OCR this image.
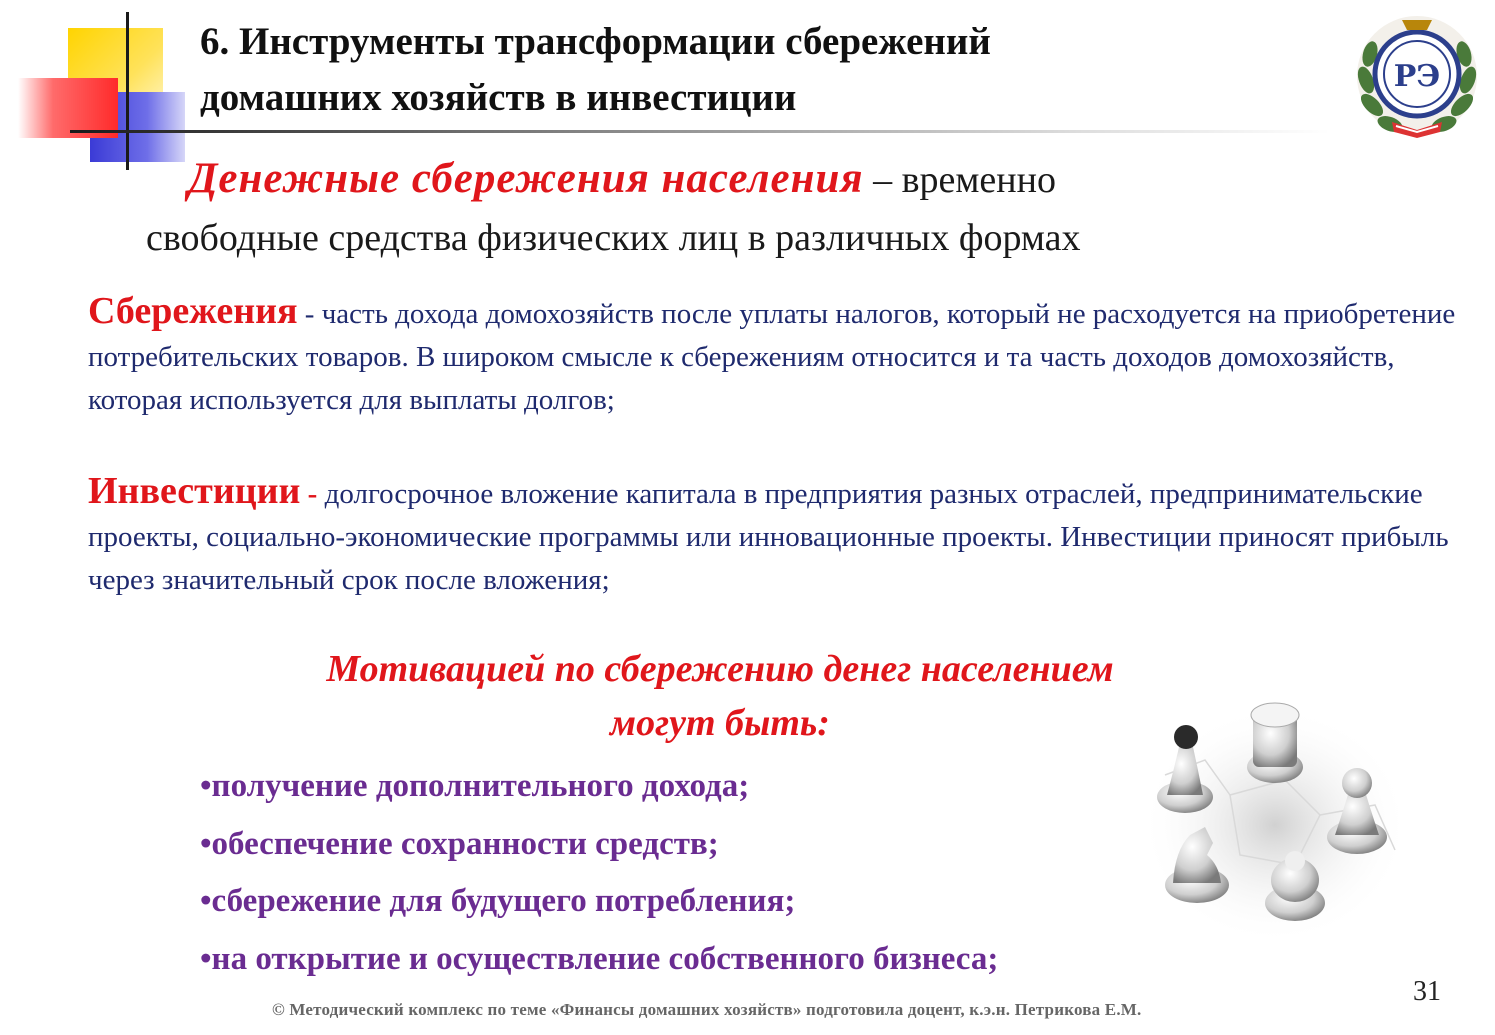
6. Инструменты трансформации сбережений
домашних хозяйств в инвестиции	РЭ
Денежные сбережения населения – временно
свободные средства физических лиц в различных формах
Сбережения - часть дохода домохозяйств после уплаты налогов, который не расходуется на приобретение потребительских товаров. В широком смысле к сбережениям относится и та часть доходов домохозяйств, которая используется для выплаты долгов;
Инвестиции - долгосрочное вложение капитала в предприятия разных отраслей, предпринимательские проекты, социально-экономические программы или инновационные проекты. Инвестиции приносят прибыль через значительный срок после вложения;
Мотивацией по сбережению денег населением
могут быть:
•получение дополнительного дохода;
•обеспечение сохранности средств;
•сбережение для будущего потребления;
•на открытие и осуществление собственного бизнеса;
31
© Методический комплекс по теме «Финансы домашних хозяйств» подготовила доцент, к.э.н. Петрикова Е.М.
